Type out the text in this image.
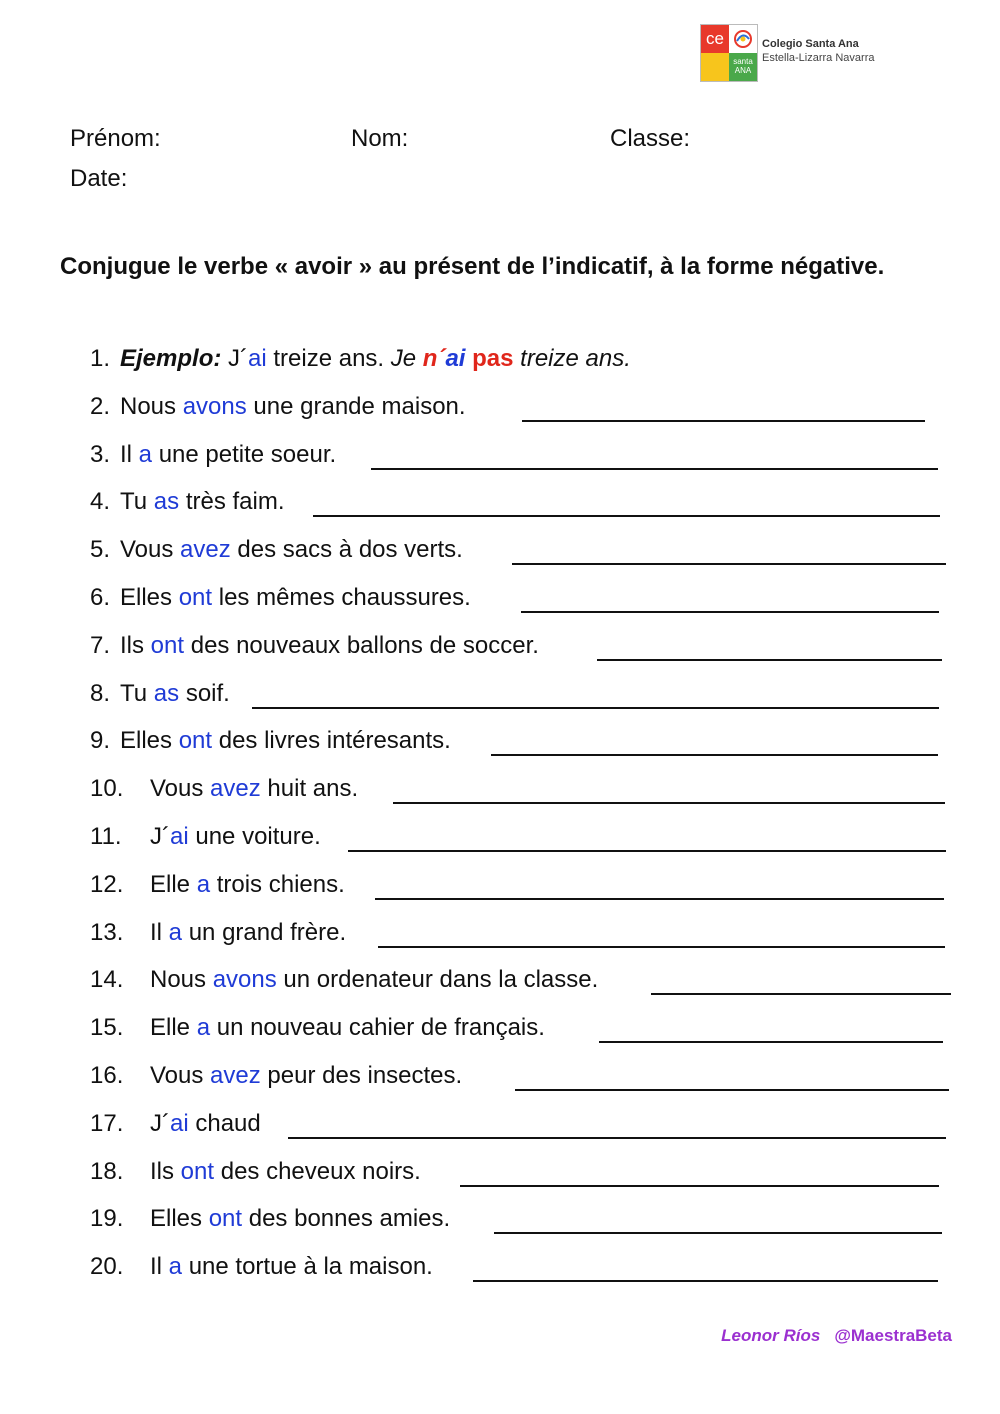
ce
santa
ANA
Colegio Santa Ana
Estella-Lizarra Navarra
Prénom:	Nom:	Classe:
Date:
Conjugue le verbe « avoir » au présent de l’indicatif, à la forme négative.
1. Ejemplo: J´ai treize ans. Je n´ai pas treize ans.
2. Nous avons une grande maison.
3. Il a une petite soeur.
4. Tu as très faim.
5. Vous avez des sacs à dos verts.
6. Elles ont les mêmes chaussures.
7. Ils ont des nouveaux ballons de soccer.
8. Tu as soif.
9. Elles ont des livres intéresants.
10. Vous avez huit ans.
11. J´ai une voiture.
12. Elle a trois chiens.
13. Il a un grand frère.
14. Nous avons un ordenateur dans la classe.
15. Elle a un nouveau cahier de français.
16. Vous avez peur des insectes.
17. J´ai chaud
18. Ils ont des cheveux noirs.
19. Elles ont des bonnes amies.
20. Il a une tortue à la maison.
Leonor Ríos @MaestraBeta
